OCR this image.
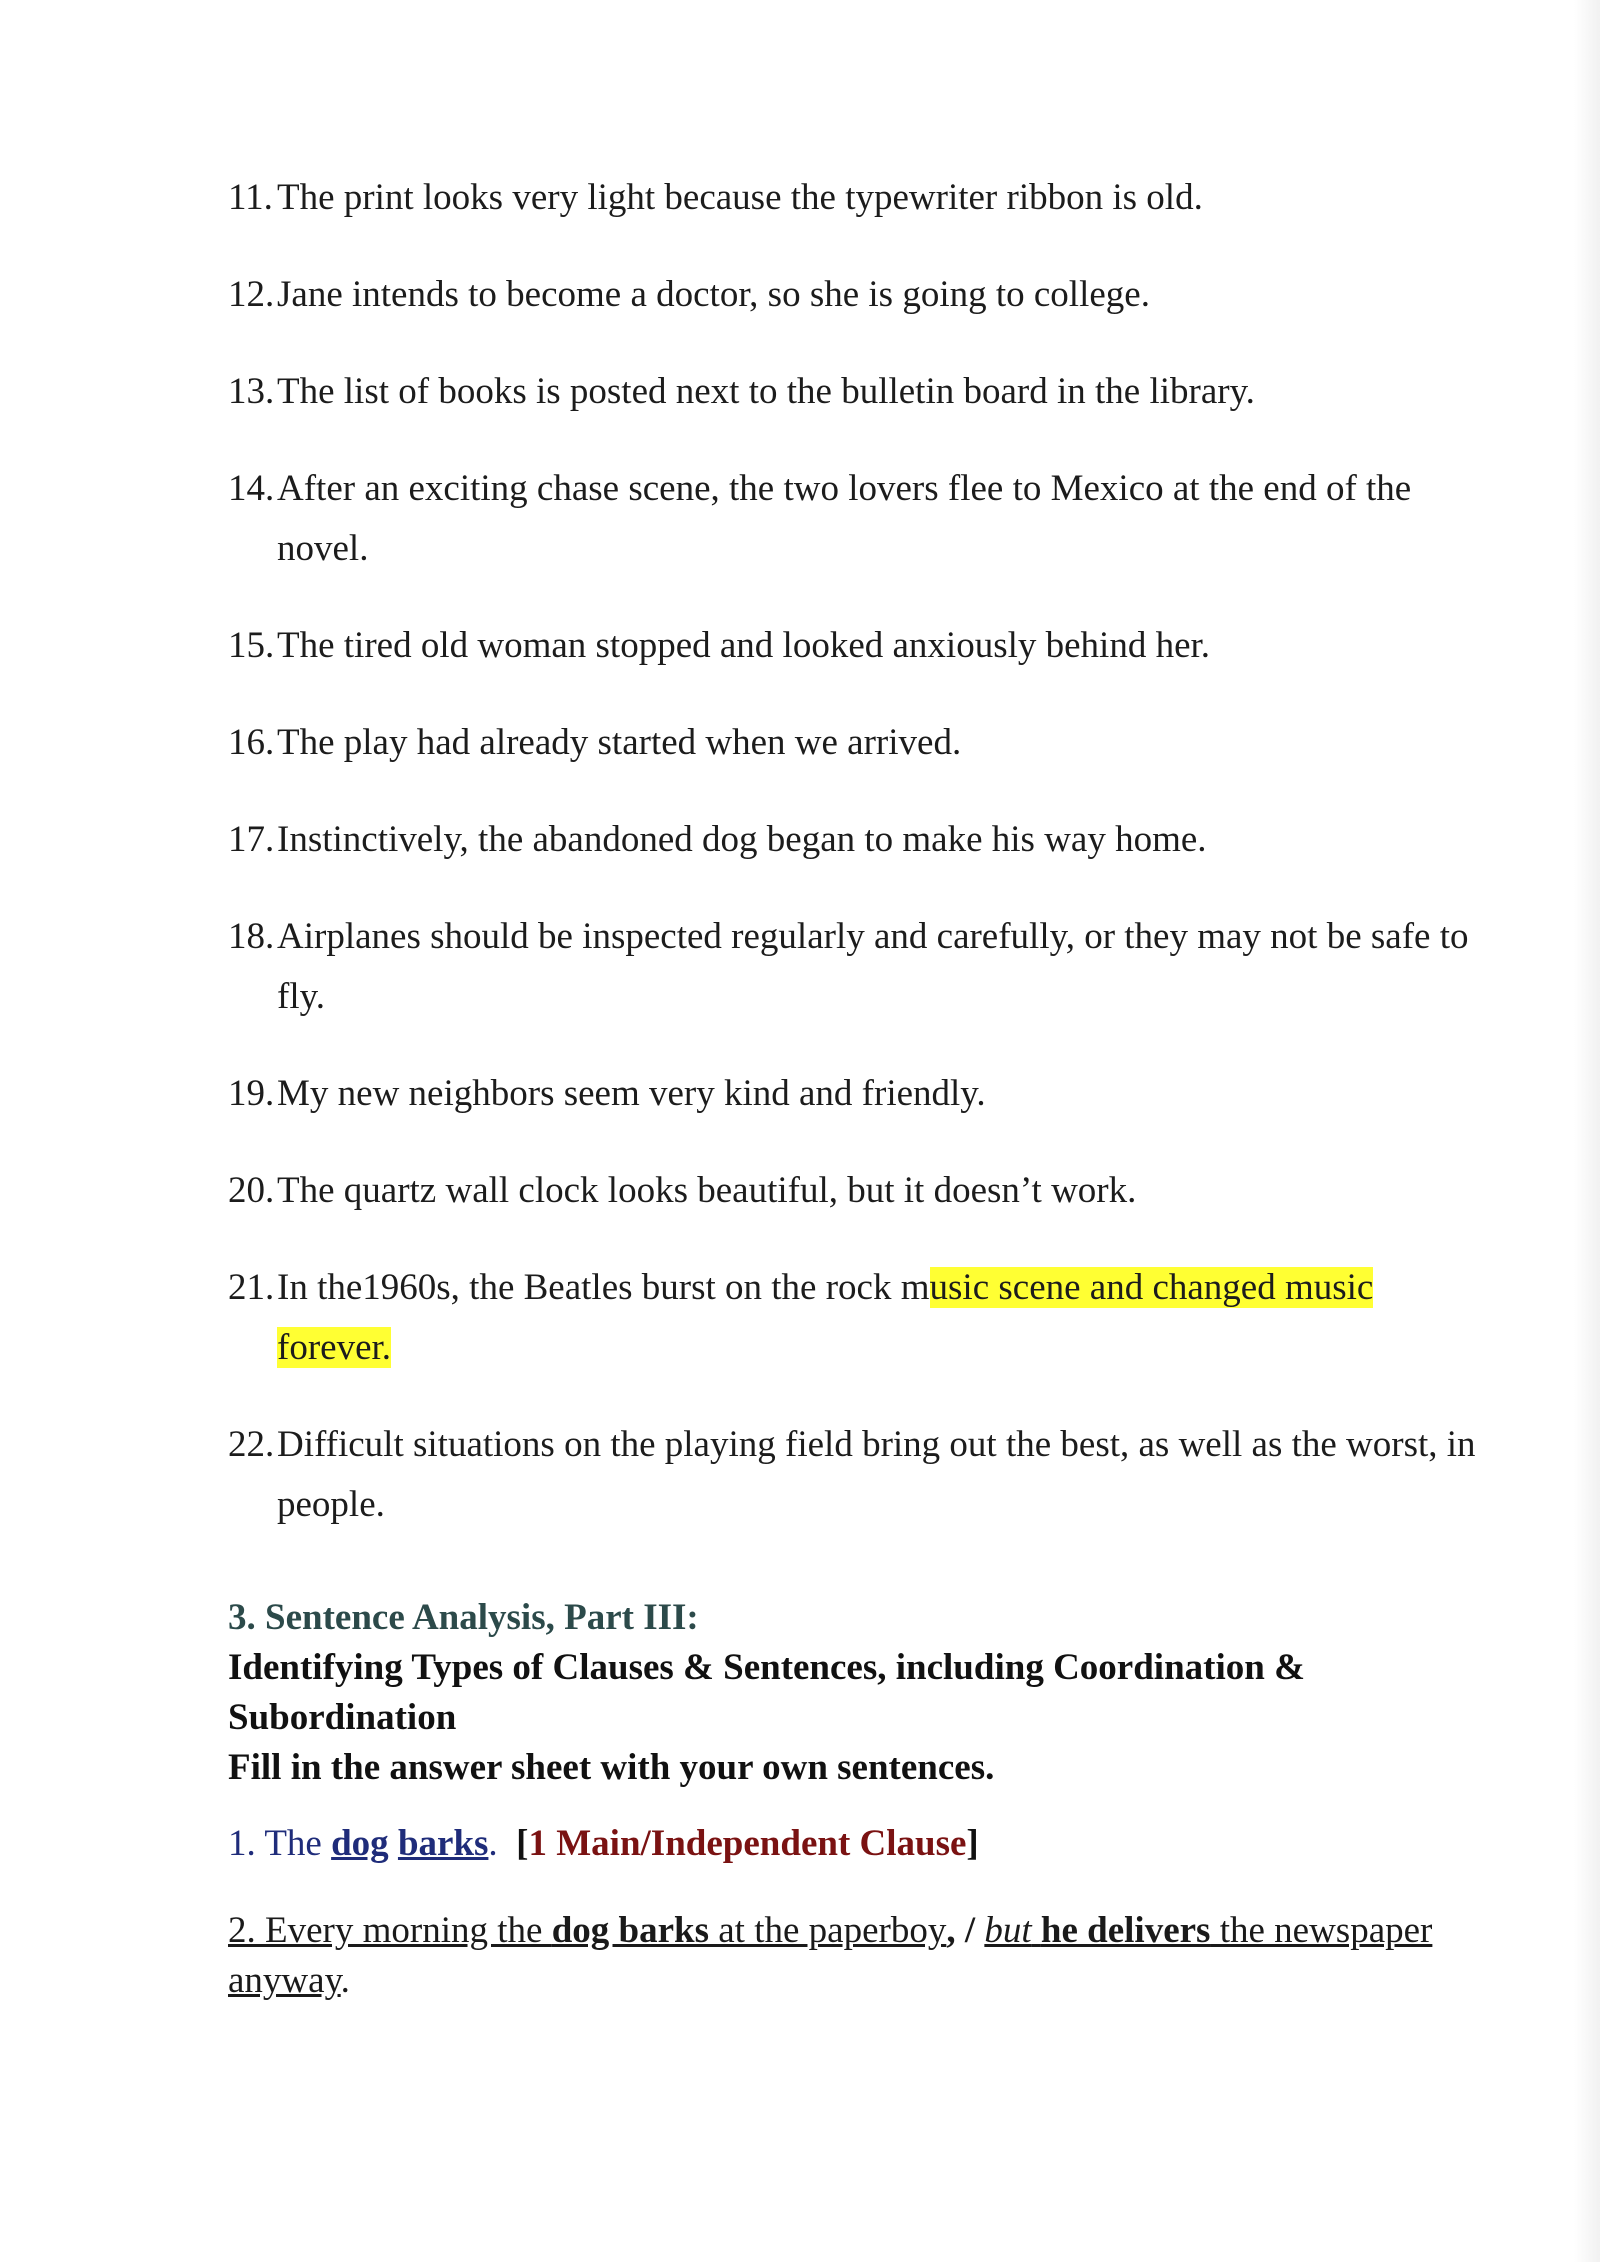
11. The print looks very light because the typewriter ribbon is old.
12. Jane intends to become a doctor, so she is going to college.
13. The list of books is posted next to the bulletin board in the library.
14. After an exciting chase scene, the two lovers flee to Mexico at the end of the novel.
15. The tired old woman stopped and looked anxiously behind her.
16. The play had already started when we arrived.
17. Instinctively, the abandoned dog began to make his way home.
18. Airplanes should be inspected regularly and carefully, or they may not be safe to fly.
19. My new neighbors seem very kind and friendly.
20. The quartz wall clock looks beautiful, but it doesn’t work.
21. In the1960s, the Beatles burst on the rock music scene and changed music forever.
22. Difficult situations on the playing field bring out the best, as well as the worst, in people.
3. Sentence Analysis, Part III:
Identifying Types of Clauses & Sentences, including Coordination & Subordination
Fill in the answer sheet with your own sentences.
1. The dog barks. [1 Main/Independent Clause]
2. Every morning the dog barks at the paperboy, / but he delivers the newspaper anyway.
